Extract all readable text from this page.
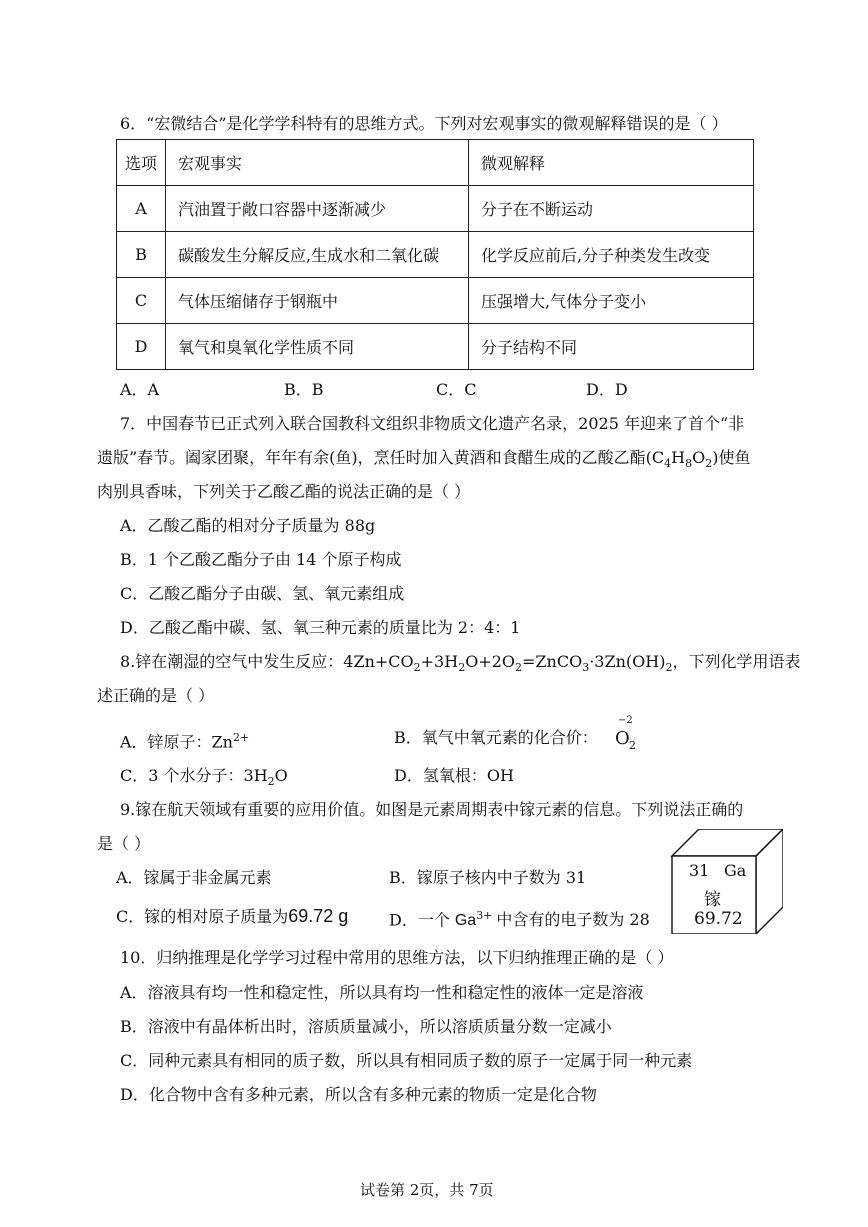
6．“宏微结合”是化学学科特有的思维方式。下列对宏观事实的微观解释错误的是（ ）
选项	宏观事实	微观解释
A	汽油置于敞口容器中逐渐减少	分子在不断运动
B	碳酸发生分解反应,生成水和二氧化碳	化学反应前后,分子种类发生改变
C	气体压缩储存于钢瓶中	压强增大,气体分子变小
D	氧气和臭氧化学性质不同	分子结构不同
A．A	B．B	C．C	D．D
7．中国春节已正式列入联合国教科文组织非物质文化遗产名录，2025 年迎来了首个“非
遗版”春节。阖家团聚，年年有余(鱼)，烹任时加入黄酒和食醋生成的乙酸乙酯$(C_4H_8O_2)$使鱼
肉别具香味，下列关于乙酸乙酯的说法正确的是（ ）
A．乙酸乙酯的相对分子质量为 88g
B．1 个乙酸乙酯分子由 14 个原子构成
C．乙酸乙酯分子由碳、氢、氧元素组成
D．乙酸乙酯中碳、氢、氧三种元素的质量比为 2：4：1
8.锌在潮湿的空气中发生反应：$4Zn+CO_2+3H_2O+2O_2=ZnCO_3\cdot 3Zn(OH)_2$，下列化学用语表
述正确的是（ ）
A．锌原子：$Zn^{2+}$	B．氧气中氧元素的化合价：
−2
O 2
C．3 个水分子：$3H_2O$	D．氢氧根：OH
9.镓在航天领域有重要的应用价值。如图是元素周期表中镓元素的信息。下列说法正确的
是（ ）
A．镓属于非金属元素	B．镓原子核内中子数为 31
C．镓的相对原子质量为69.72 g	D．一个 $Ga^{3+}$ 中含有的电子数为 28
31 Ga
镓
69.72
10．归纳推理是化学学习过程中常用的思维方法，以下归纳推理正确的是（ ）
A．溶液具有均一性和稳定性，所以具有均一性和稳定性的液体一定是溶液
B．溶液中有晶体析出时，溶质质量减小，所以溶质质量分数一定减小
C．同种元素具有相同的质子数，所以具有相同质子数的原子一定属于同一种元素
D．化合物中含有多种元素，所以含有多种元素的物质一定是化合物
试卷第 2页，共 7页
